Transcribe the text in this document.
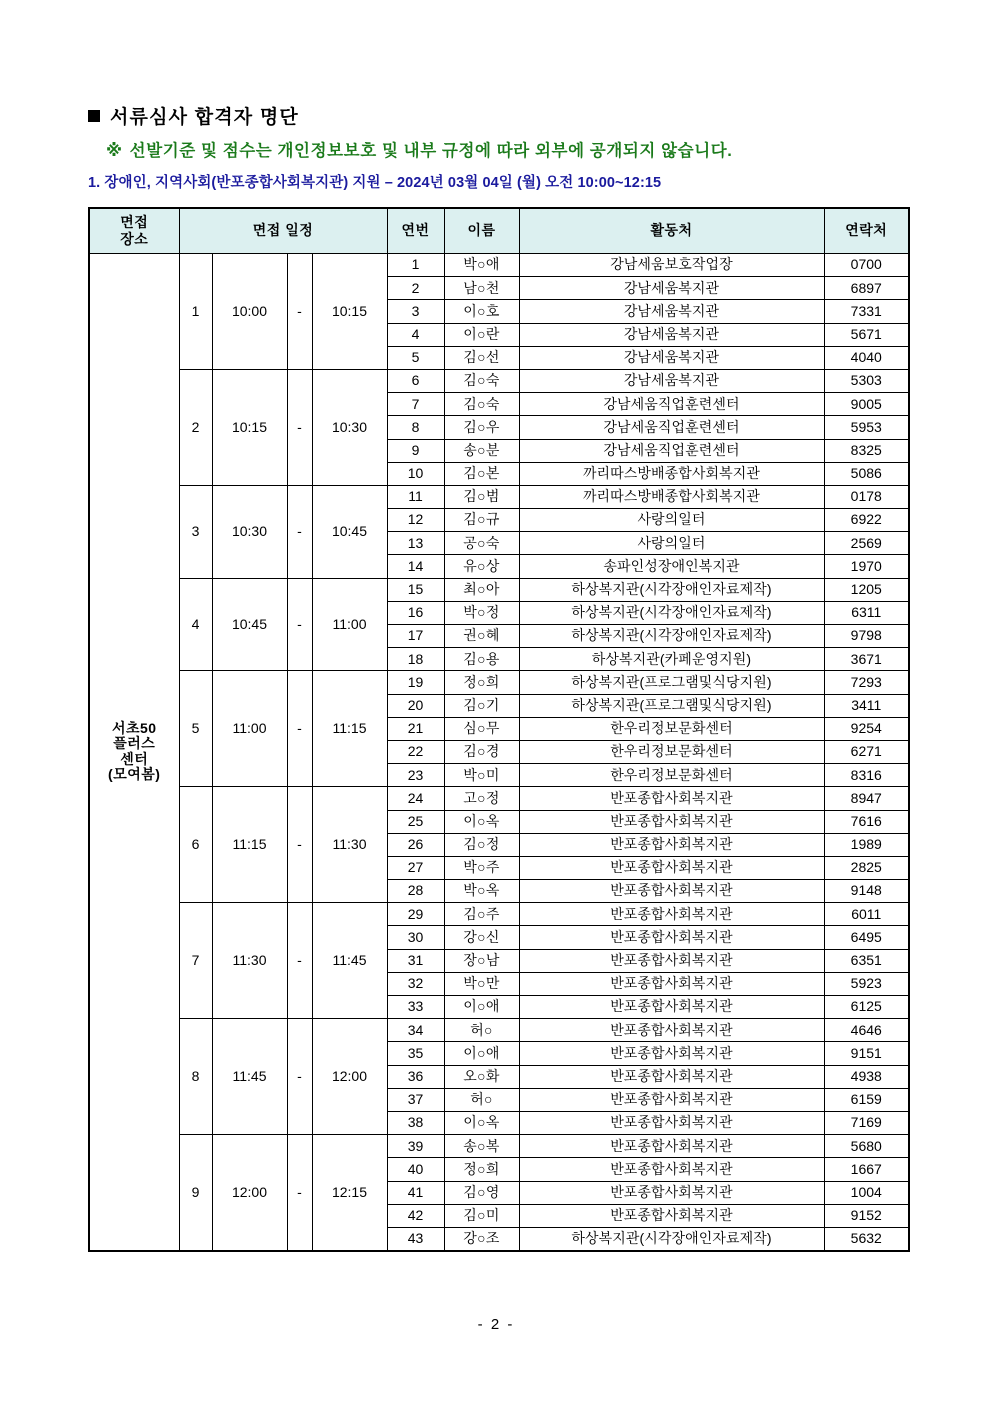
서류심사 합격자 명단
※ 선발기준 및 점수는 개인정보보호 및 내부 규정에 따라 외부에 공개되지 않습니다.
1. 장애인, 지역사회(반포종합사회복지관) 지원 – 2024년 03월 04일 (월) 오전 10:00~12:15
면접
장소	면접 일정				연번	이름	활동처	연락처

서초50
플러스
센터
(모여봄)	1	10:00	-	10:15	1	박○애	강남세움보호작업장	0700
					2	남○천	강남세움복지관	6897
					3	이○호	강남세움복지관	7331
					4	이○란	강남세움복지관	5671
					5	김○선	강남세움복지관	4040
	2	10:15	-	10:30	6	김○숙	강남세움복지관	5303
					7	김○숙	강남세움직업훈련센터	9005
					8	김○우	강남세움직업훈련센터	5953
					9	송○분	강남세움직업훈련센터	8325
					10	김○본	까리따스방배종합사회복지관	5086
	3	10:30	-	10:45	11	김○범	까리따스방배종합사회복지관	0178
					12	김○규	사랑의일터	6922
					13	공○숙	사랑의일터	2569
					14	유○상	송파인성장애인복지관	1970
	4	10:45	-	11:00	15	최○아	하상복지관(시각장애인자료제작)	1205
					16	박○정	하상복지관(시각장애인자료제작)	6311
					17	권○혜	하상복지관(시각장애인자료제작)	9798
					18	김○용	하상복지관(카페운영지원)	3671
	5	11:00	-	11:15	19	정○희	하상복지관(프로그램및식당지원)	7293
					20	김○기	하상복지관(프로그램및식당지원)	3411
					21	심○무	한우리정보문화센터	9254
					22	김○경	한우리정보문화센터	6271
					23	박○미	한우리정보문화센터	8316
	6	11:15	-	11:30	24	고○정	반포종합사회복지관	8947
					25	이○옥	반포종합사회복지관	7616
					26	김○정	반포종합사회복지관	1989
					27	박○주	반포종합사회복지관	2825
					28	박○옥	반포종합사회복지관	9148
	7	11:30	-	11:45	29	김○주	반포종합사회복지관	6011
					30	강○신	반포종합사회복지관	6495
					31	장○남	반포종합사회복지관	6351
					32	박○만	반포종합사회복지관	5923
					33	이○애	반포종합사회복지관	6125
	8	11:45	-	12:00	34	허○	반포종합사회복지관	4646
					35	이○애	반포종합사회복지관	9151
					36	오○화	반포종합사회복지관	4938
					37	허○	반포종합사회복지관	6159
					38	이○옥	반포종합사회복지관	7169
	9	12:00	-	12:15	39	송○복	반포종합사회복지관	5680
					40	정○희	반포종합사회복지관	1667
					41	김○영	반포종합사회복지관	1004
					42	김○미	반포종합사회복지관	9152
					43	강○조	하상복지관(시각장애인자료제작)	5632
- 2 -
